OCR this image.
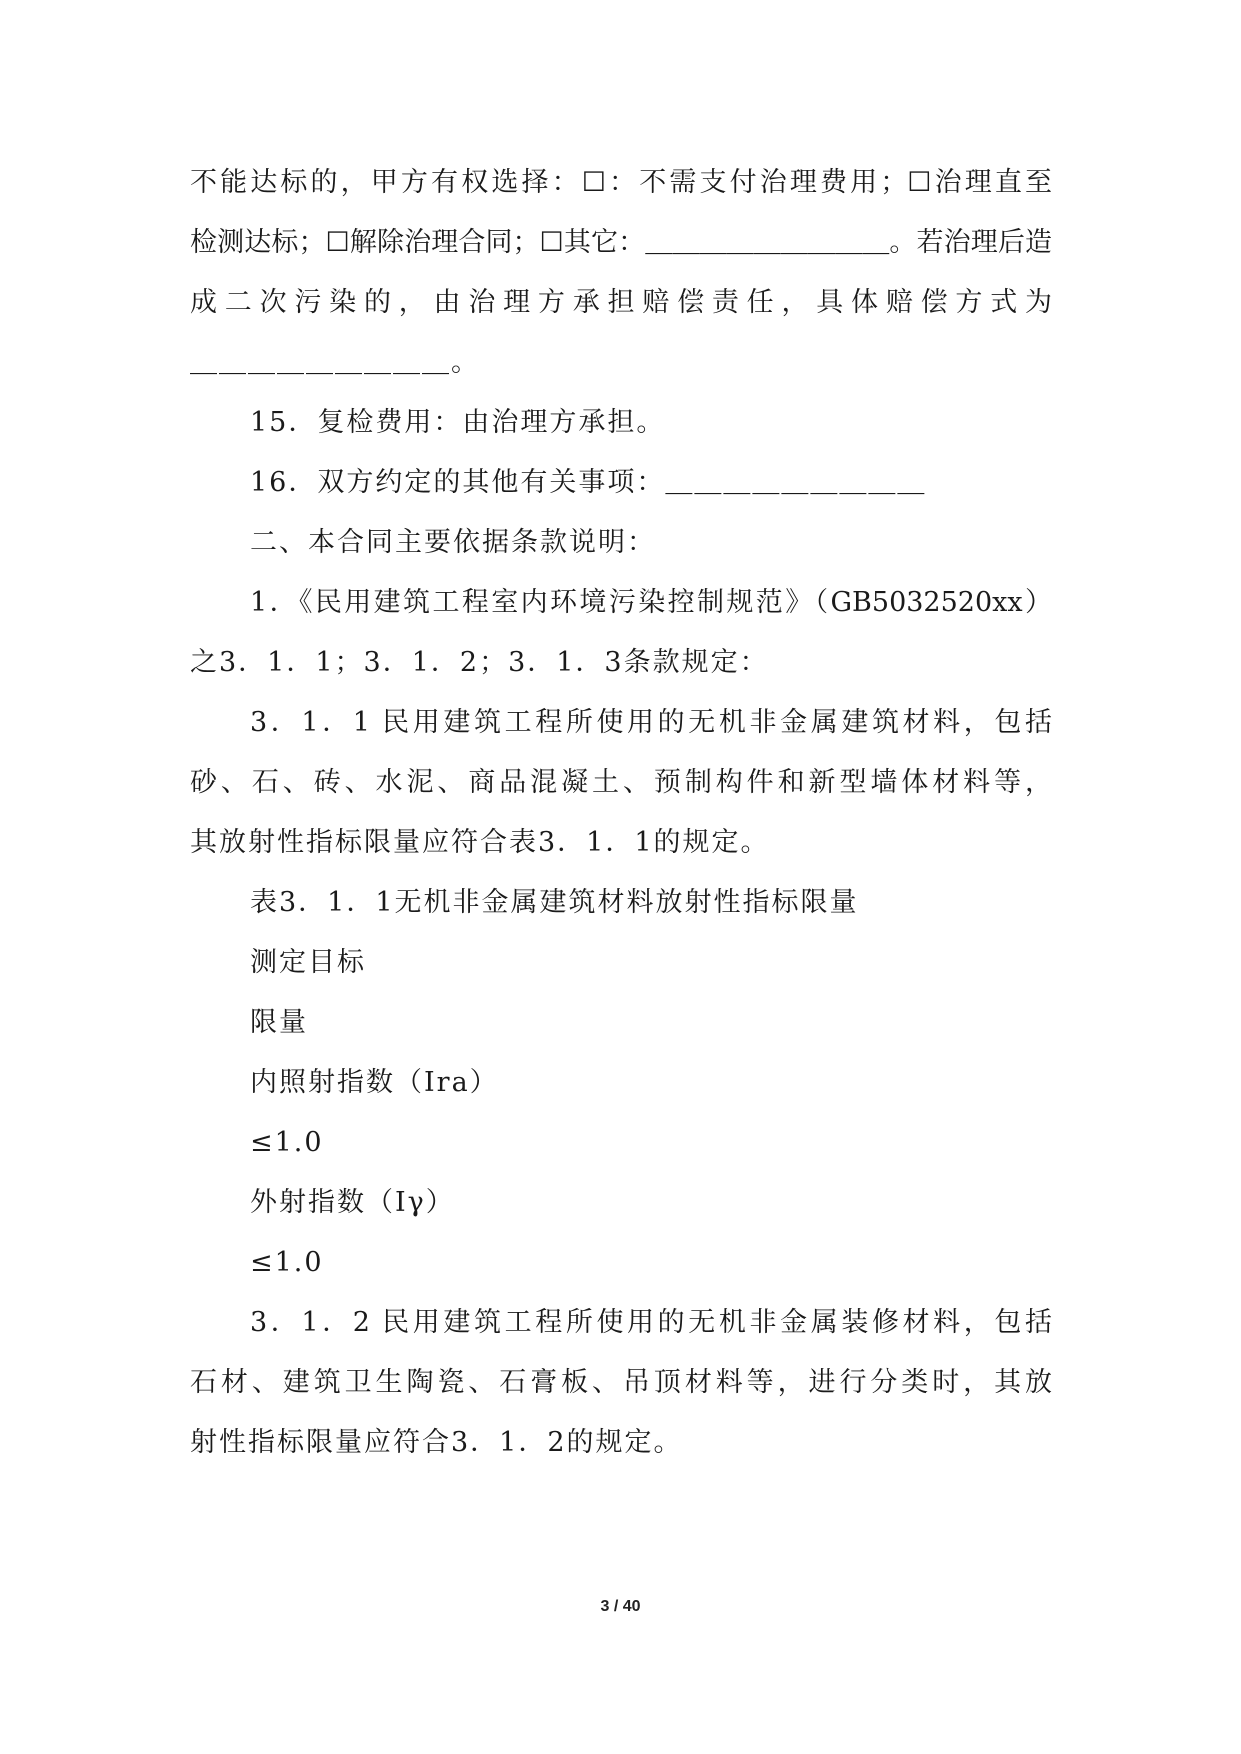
不能达标的，甲方有权选择：☐：不需支付治理费用；☐治理直至
检测达标；☐解除治理合同；☐其它：＿＿＿＿＿＿＿＿＿。若治理后造
成二次污染的，由治理方承担赔偿责任，具体赔偿方式为
＿＿＿＿＿＿＿＿＿。
15．复检费用：由治理方承担。
16．双方约定的其他有关事项：＿＿＿＿＿＿＿＿＿
二、本合同主要依据条款说明：
1．《民用建筑工程室内环境污染控制规范》（GB5032520xx）
之3．1．1；3．1．2；3．1．3条款规定：
3．1．1 民用建筑工程所使用的无机非金属建筑材料，包括
砂、石、砖、水泥、商品混凝土、预制构件和新型墙体材料等，
其放射性指标限量应符合表3．1．1的规定。
表3．1．1无机非金属建筑材料放射性指标限量
测定目标
限量
内照射指数（Ira）
≤1.0
外射指数（Iγ）
≤1.0
3．1．2 民用建筑工程所使用的无机非金属装修材料，包括
石材、建筑卫生陶瓷、石膏板、吊顶材料等，进行分类时，其放
射性指标限量应符合3．1．2的规定。
3 / 40
